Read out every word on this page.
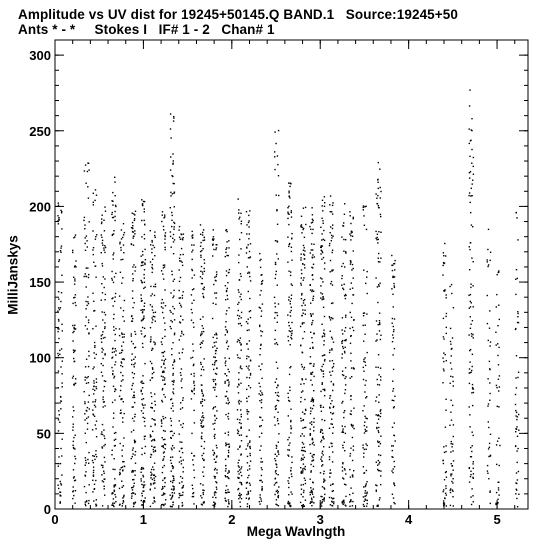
Amplitude vs UV dist for 19245+50145.Q BAND.1   Source:19245+50
Ants * - *     Stokes I   IF# 1 - 2   Chan# 1
MilliJanskys
Mega Wavlngth
0	1	2	3	4	5
0
50
100
150
200
250
300
